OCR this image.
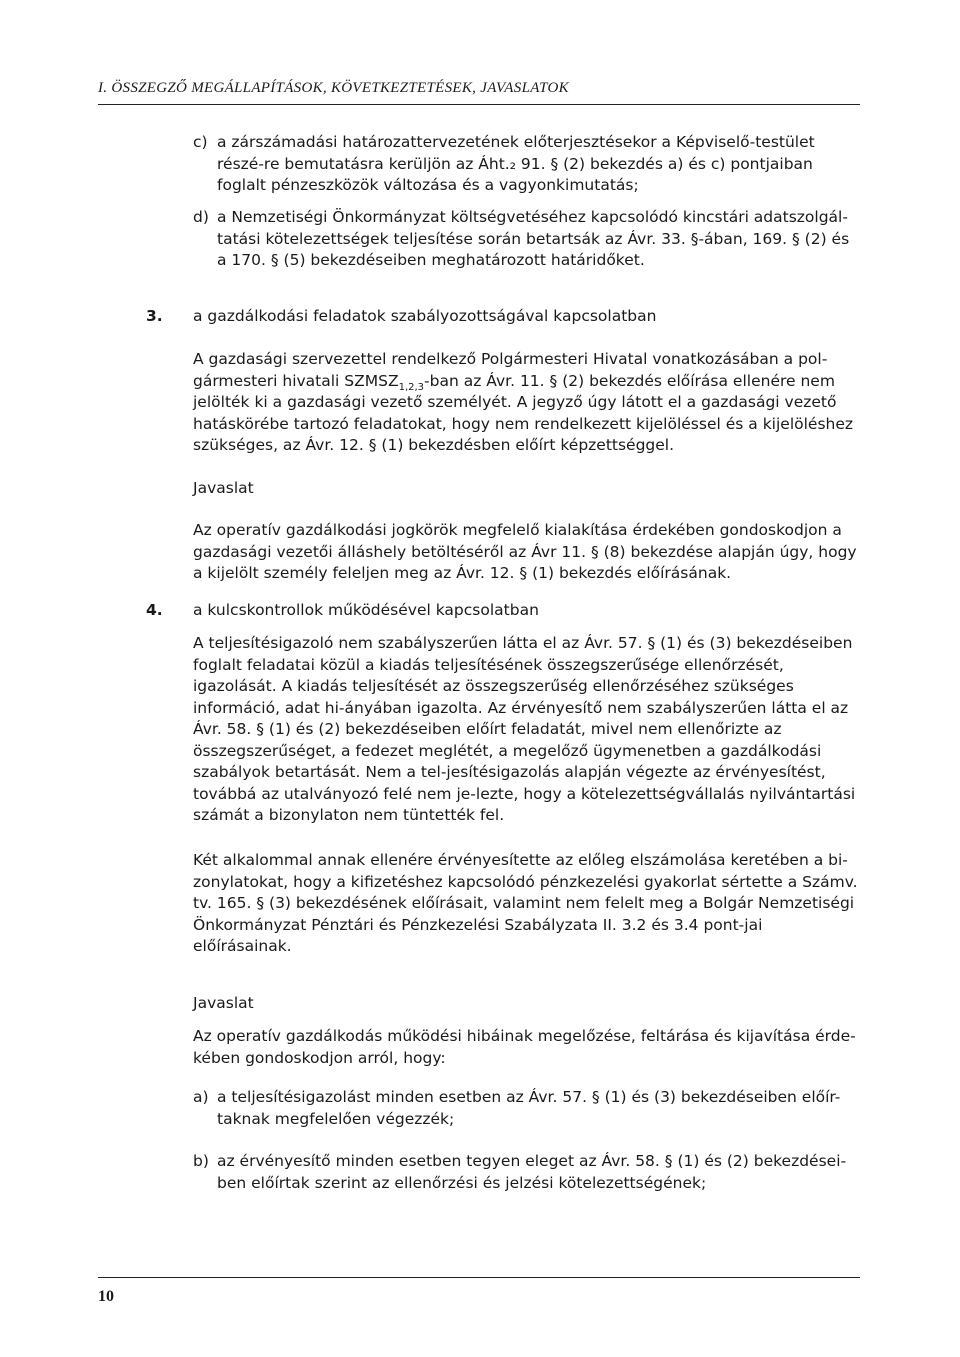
I. ÖSSZEGZŐ MEGÁLLAPÍTÁSOK, KÖVETKEZTETÉSEK, JAVASLATOK
c) a zárszámadási határozattervezetének előterjesztésekor a Képviselő-testület részé-re bemutatásra kerüljön az Áht.₂ 91. § (2) bekezdés a) és c) pontjaiban foglalt pénzeszközök változása és a vagyonkimutatás;
d) a Nemzetiségi Önkormányzat költségvetéséhez kapcsolódó kincstári adatszolgál-tatási kötelezettségek teljesítése során betartsák az Ávr. 33. §-ában, 169. § (2) és a 170. § (5) bekezdéseiben meghatározott határidőket.
3. a gazdálkodási feladatok szabályozottságával kapcsolatban

A gazdasági szervezettel rendelkező Polgármesteri Hivatal vonatkozásában a pol-gármesteri hivatali $SZMSZ_{1,2,3}$-ban az Ávr. 11. § (2) bekezdés előírása ellenére nem jelölték ki a gazdasági vezető személyét. A jegyző úgy látott el a gazdasági vezető hatáskörébe tartozó feladatokat, hogy nem rendelkezett kijelöléssel és a kijelöléshez szükséges, az Ávr. 12. § (1) bekezdésben előírt képzettséggel.

Javaslat
Az operatív gazdálkodási jogkörök megfelelő kialakítása érdekében gondoskodjon a gazdasági vezetői álláshely betöltéséről az Ávr 11. § (8) bekezdése alapján úgy, hogy a kijelölt személy feleljen meg az Ávr. 12. § (1) bekezdés előírásának.
4. a kulcskontrollok működésével kapcsolatban
A teljesítésigazoló nem szabályszerűen látta el az Ávr. 57. § (1) és (3) bekezdéseiben foglalt feladatai közül a kiadás teljesítésének összegszerűsége ellenőrzését, igazolását. A kiadás teljesítését az összegszerűség ellenőrzéséhez szükséges információ, adat hi-ányában igazolta. Az érvényesítő nem szabályszerűen látta el az Ávr. 58. § (1) és (2) bekezdéseiben előírt feladatát, mivel nem ellenőrizte az összegszerűséget, a fedezet meglétét, a megelőző ügymenetben a gazdálkodási szabályok betartását. Nem a tel-jesítésigazolás alapján végezte az érvényesítést, továbbá az utalványozó felé nem je-lezte, hogy a kötelezettségvállalás nyilvántartási számát a bizonylaton nem tüntették fel.
Két alkalommal annak ellenére érvényesítette az előleg elszámolása keretében a bi-zonylatokat, hogy a kifizetéshez kapcsolódó pénzkezelési gyakorlat sértette a Számv. tv. 165. § (3) bekezdésének előírásait, valamint nem felelt meg a Bolgár Nemzetiségi Önkormányzat Pénztári és Pénzkezelési Szabályzata II. 3.2 és 3.4 pont-jai előírásainak.
Javaslat
Az operatív gazdálkodás működési hibáinak megelőzése, feltárása és kijavítása érde-kében gondoskodjon arról, hogy:
a) a teljesítésigazolást minden esetben az Ávr. 57. § (1) és (3) bekezdéseiben előír-taknak megfelelően végezzék;
b) az érvényesítő minden esetben tegyen eleget az Ávr. 58. § (1) és (2) bekezdései-ben előírtak szerint az ellenőrzési és jelzési kötelezettségének;
10
